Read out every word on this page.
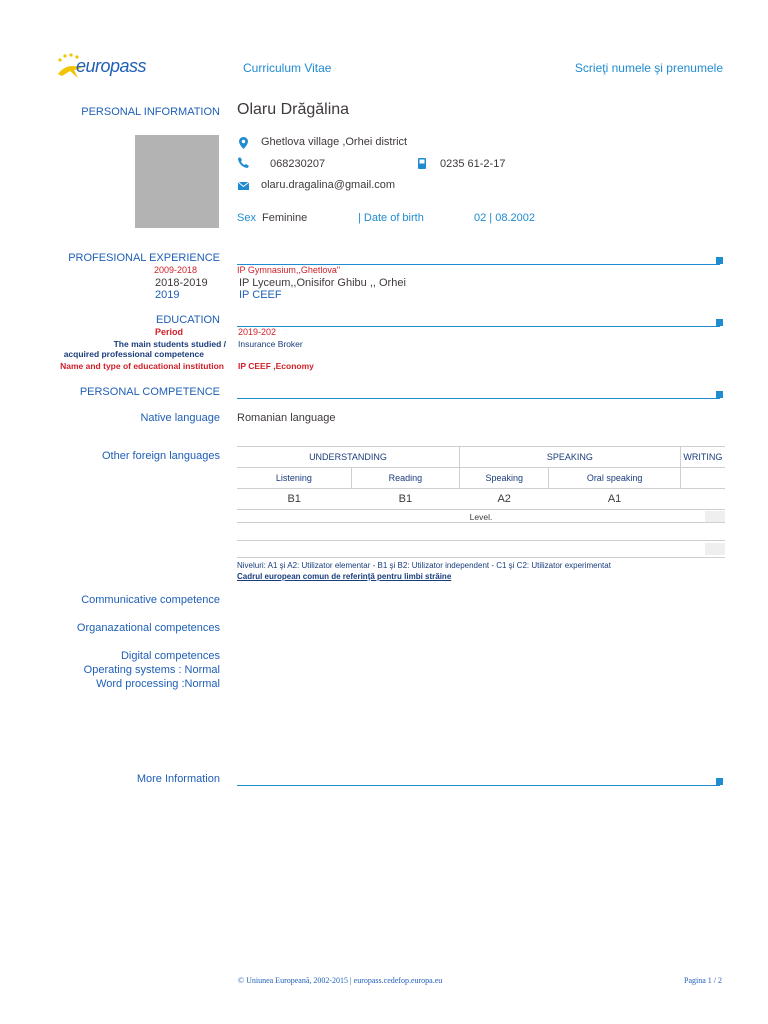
europass	Curriculum Vitae	Scrieţi numele şi prenumele
PERSONAL INFORMATION Olaru Drăgălina
Ghetlova village ,Orhei district
068230207	0235 61-2-17
olaru.dragalina@gmail.com
Sex Feminine	| Date of birth	02 | 08.2002
PROFESIONAL EXPERIENCE
2009-2018	IP Gymnasium,,Ghetlova"
2018-2019	IP Lyceum,,Onisifor Ghibu ,, Orhei
2019	IP CEEF
EDUCATION
Period	2019-202
The main students studied /
acquired professional competence
Insurance Broker
Name and type of educational institution IP CEEF ,Economy
PERSONAL COMPETENCE
Native language Romanian language
Other foreign languages	UNDERSTANDING		SPEAKING		WRITING
Listening	Reading	Speaking	Oral speaking	
B1	B1	A2	A1	
Level.				
Niveluri: A1 şi A2: Utilizator elementar - B1 şi B2: Utilizator independent - C1 şi C2: Utilizator experimentat
Cadrul european comun de referinţă pentru limbi străine
Communicative competence
Organazational competences
Digital competences
Operating systems : Normal
Word processing :Normal
More Information
© Uniunea Europeană, 2002-2015 | europass.cedefop.europa.eu	Pagina 1 / 2
